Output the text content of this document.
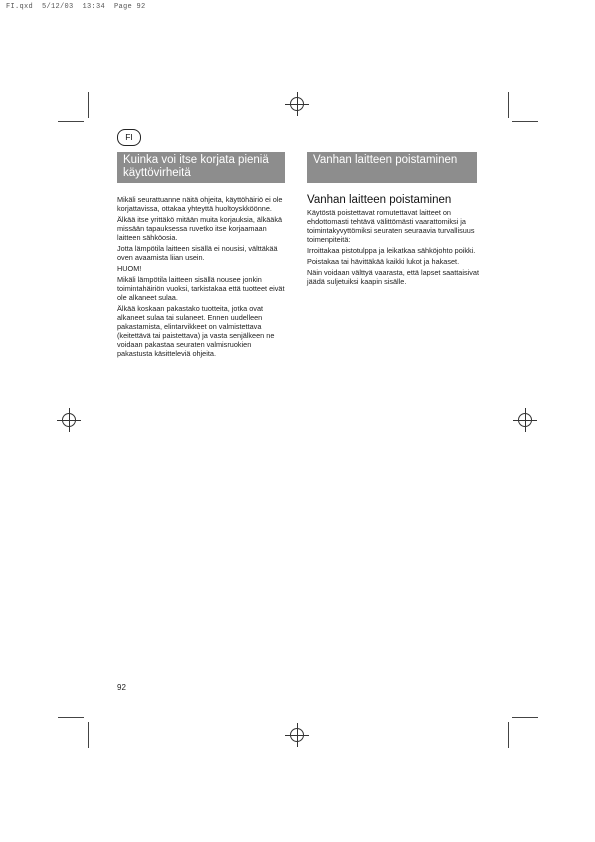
FI.qxd  5/12/03  13:34  Page 92
FI
Kuinka voi itse korjata pieniä käyttövirheitä
Vanhan laitteen poistaminen

Mikäli seurattuanne näitä ohjeita, käyttöhäiriö ei ole korjattavissa, ottakaa yhteyttä huoltoyskköönne.

Älkää itse yrittäkö mitään muita korjauksia, älkääkä missään tapauksessa ruvetko itse korjaamaan laitteen sähköosia.

Jotta lämpötila laitteen sisällä ei nousisi, välttäkää oven avaamista liian usein.

HUOM!

Mikäli lämpötila laitteen sisällä nousee jonkin toimintahäiriön vuoksi, tarkistakaa että tuotteet eivät ole alkaneet sulaa.

Älkää koskaan pakastako tuotteita, jotka ovat alkaneet sulaa tai sulaneet. Ennen uudelleen pakastamista, elintarvikkeet on valmistettava (keitettävä tai paistettava) ja vasta senjälkeen ne voidaan pakastaa seuraten valmisruokien pakastusta käsitteleviä ohjeita.

Vanhan laitteen poistaminen

Käytöstä poistettavat romutettavat laitteet on ehdottomasti tehtävä välittömästi vaarattomiksi ja toimintakyvyttömiksi seuraten seuraavia turvallisuus toimenpiteitä:

Irroittakaa pistotulppa ja leikatkaa sähköjohto poikki.

Poistakaa tai hävittäkää kaikki lukot ja hakaset.

Näin voidaan välttyä vaarasta, että lapset saattaisivat jäädä suljetuiksi kaapin sisälle.

92
